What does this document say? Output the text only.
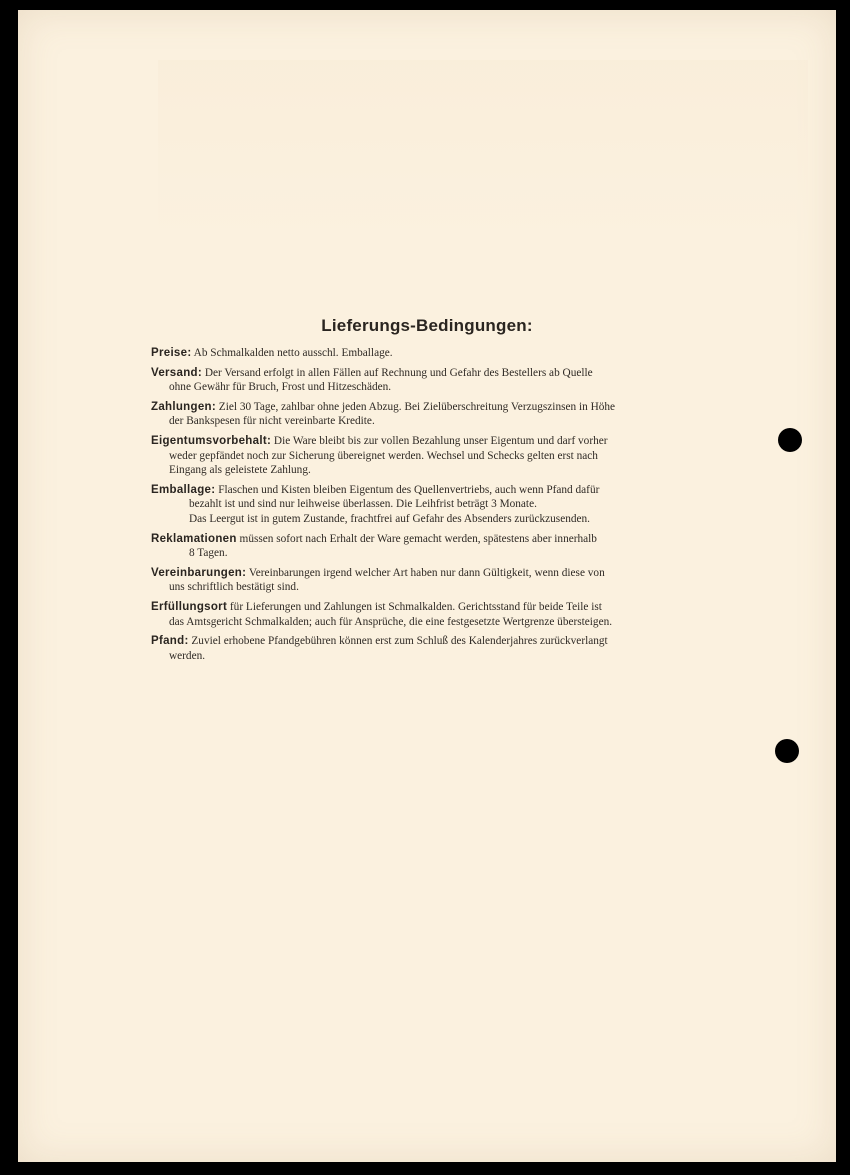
Lieferungs-Bedingungen:
Preise: Ab Schmalkalden netto ausschl. Emballage.
Versand: Der Versand erfolgt in allen Fällen auf Rechnung und Gefahr des Bestellers ab Quelle
ohne Gewähr für Bruch, Frost und Hitzeschäden.
Zahlungen: Ziel 30 Tage, zahlbar ohne jeden Abzug. Bei Zielüberschreitung Verzugszinsen in Höhe
der Bankspesen für nicht vereinbarte Kredite.
Eigentumsvorbehalt: Die Ware bleibt bis zur vollen Bezahlung unser Eigentum und darf vorher
weder gepfändet noch zur Sicherung übereignet werden. Wechsel und Schecks gelten erst nach
Eingang als geleistete Zahlung.
Emballage: Flaschen und Kisten bleiben Eigentum des Quellenvertriebs, auch wenn Pfand dafür
bezahlt ist und sind nur leihweise überlassen. Die Leihfrist beträgt 3 Monate.
Das Leergut ist in gutem Zustande, frachtfrei auf Gefahr des Absenders zurückzusenden.
Reklamationen müssen sofort nach Erhalt der Ware gemacht werden, spätestens aber innerhalb
8 Tagen.
Vereinbarungen: Vereinbarungen irgend welcher Art haben nur dann Gültigkeit, wenn diese von
uns schriftlich bestätigt sind.
Erfüllungsort für Lieferungen und Zahlungen ist Schmalkalden. Gerichtsstand für beide Teile ist
das Amtsgericht Schmalkalden; auch für Ansprüche, die eine festgesetzte Wertgrenze übersteigen.
Pfand: Zuviel erhobene Pfandgebühren können erst zum Schluß des Kalenderjahres zurückverlangt
werden.
